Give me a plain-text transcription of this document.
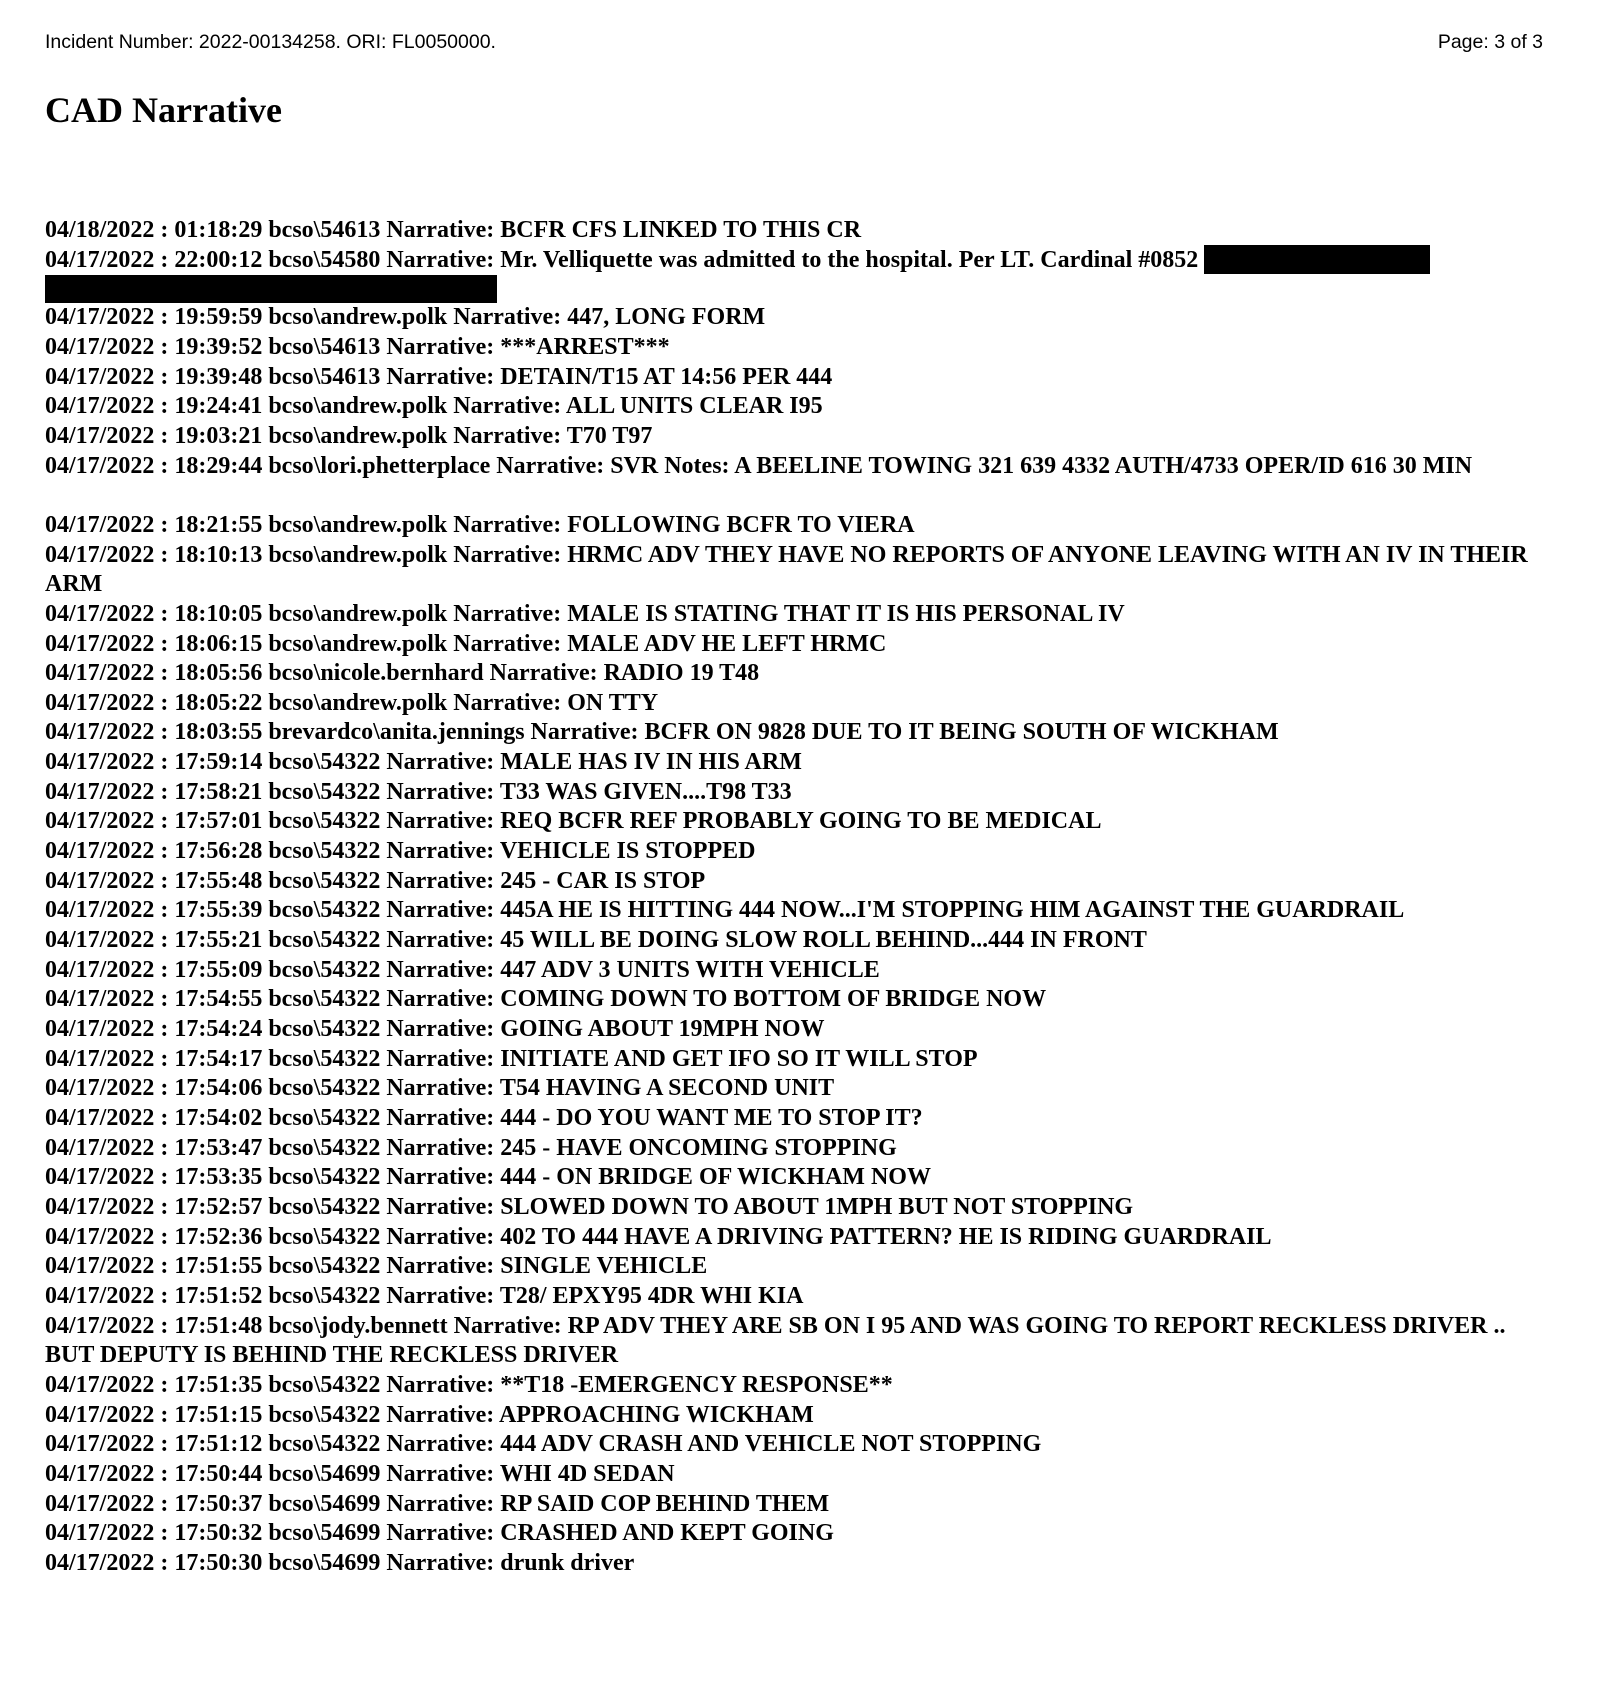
Incident Number: 2022-00134258. ORI: FL0050000.	Page: 3 of 3
CAD Narrative
04/18/2022 : 01:18:29 bcso\54613 Narrative: BCFR CFS LINKED TO THIS CR
04/17/2022 : 22:00:12 bcso\54580 Narrative: Mr. Velliquette was admitted to the hospital. Per LT. Cardinal #0852
04/17/2022 : 19:59:59 bcso\andrew.polk Narrative: 447, LONG FORM
04/17/2022 : 19:39:52 bcso\54613 Narrative: ***ARREST***
04/17/2022 : 19:39:48 bcso\54613 Narrative: DETAIN/T15 AT 14:56 PER 444
04/17/2022 : 19:24:41 bcso\andrew.polk Narrative: ALL UNITS CLEAR I95
04/17/2022 : 19:03:21 bcso\andrew.polk Narrative: T70 T97
04/17/2022 : 18:29:44 bcso\lori.phetterplace Narrative: SVR Notes: A BEELINE TOWING 321 639 4332 AUTH/4733 OPER/ID 616 30 MIN
04/17/2022 : 18:21:55 bcso\andrew.polk Narrative: FOLLOWING BCFR TO VIERA
04/17/2022 : 18:10:13 bcso\andrew.polk Narrative: HRMC ADV THEY HAVE NO REPORTS OF ANYONE LEAVING WITH AN IV IN THEIR ARM
04/17/2022 : 18:10:05 bcso\andrew.polk Narrative: MALE IS STATING THAT IT IS HIS PERSONAL IV
04/17/2022 : 18:06:15 bcso\andrew.polk Narrative: MALE ADV HE LEFT HRMC
04/17/2022 : 18:05:56 bcso\nicole.bernhard Narrative: RADIO 19 T48
04/17/2022 : 18:05:22 bcso\andrew.polk Narrative: ON TTY
04/17/2022 : 18:03:55 brevardco\anita.jennings Narrative: BCFR ON 9828 DUE TO IT BEING SOUTH OF WICKHAM
04/17/2022 : 17:59:14 bcso\54322 Narrative: MALE HAS IV IN HIS ARM
04/17/2022 : 17:58:21 bcso\54322 Narrative: T33 WAS GIVEN....T98 T33
04/17/2022 : 17:57:01 bcso\54322 Narrative: REQ BCFR REF PROBABLY GOING TO BE MEDICAL
04/17/2022 : 17:56:28 bcso\54322 Narrative: VEHICLE IS STOPPED
04/17/2022 : 17:55:48 bcso\54322 Narrative: 245 - CAR IS STOP
04/17/2022 : 17:55:39 bcso\54322 Narrative: 445A HE IS HITTING 444 NOW...I'M STOPPING HIM AGAINST THE GUARDRAIL
04/17/2022 : 17:55:21 bcso\54322 Narrative: 45 WILL BE DOING SLOW ROLL BEHIND...444 IN FRONT
04/17/2022 : 17:55:09 bcso\54322 Narrative: 447 ADV 3 UNITS WITH VEHICLE
04/17/2022 : 17:54:55 bcso\54322 Narrative: COMING DOWN TO BOTTOM OF BRIDGE NOW
04/17/2022 : 17:54:24 bcso\54322 Narrative: GOING ABOUT 19MPH NOW
04/17/2022 : 17:54:17 bcso\54322 Narrative: INITIATE AND GET IFO SO IT WILL STOP
04/17/2022 : 17:54:06 bcso\54322 Narrative: T54 HAVING A SECOND UNIT
04/17/2022 : 17:54:02 bcso\54322 Narrative: 444 - DO YOU WANT ME TO STOP IT?
04/17/2022 : 17:53:47 bcso\54322 Narrative: 245 - HAVE ONCOMING STOPPING
04/17/2022 : 17:53:35 bcso\54322 Narrative: 444 - ON BRIDGE OF WICKHAM NOW
04/17/2022 : 17:52:57 bcso\54322 Narrative: SLOWED DOWN TO ABOUT 1MPH BUT NOT STOPPING
04/17/2022 : 17:52:36 bcso\54322 Narrative: 402 TO 444 HAVE A DRIVING PATTERN? HE IS RIDING GUARDRAIL
04/17/2022 : 17:51:55 bcso\54322 Narrative: SINGLE VEHICLE
04/17/2022 : 17:51:52 bcso\54322 Narrative: T28/ EPXY95 4DR WHI KIA
04/17/2022 : 17:51:48 bcso\jody.bennett Narrative: RP ADV THEY ARE SB ON I 95 AND WAS GOING TO REPORT RECKLESS DRIVER .. BUT DEPUTY IS BEHIND THE RECKLESS DRIVER
04/17/2022 : 17:51:35 bcso\54322 Narrative: **T18 -EMERGENCY RESPONSE**
04/17/2022 : 17:51:15 bcso\54322 Narrative: APPROACHING WICKHAM
04/17/2022 : 17:51:12 bcso\54322 Narrative: 444 ADV CRASH AND VEHICLE NOT STOPPING
04/17/2022 : 17:50:44 bcso\54699 Narrative: WHI 4D SEDAN
04/17/2022 : 17:50:37 bcso\54699 Narrative: RP SAID COP BEHIND THEM
04/17/2022 : 17:50:32 bcso\54699 Narrative: CRASHED AND KEPT GOING
04/17/2022 : 17:50:30 bcso\54699 Narrative: drunk driver
